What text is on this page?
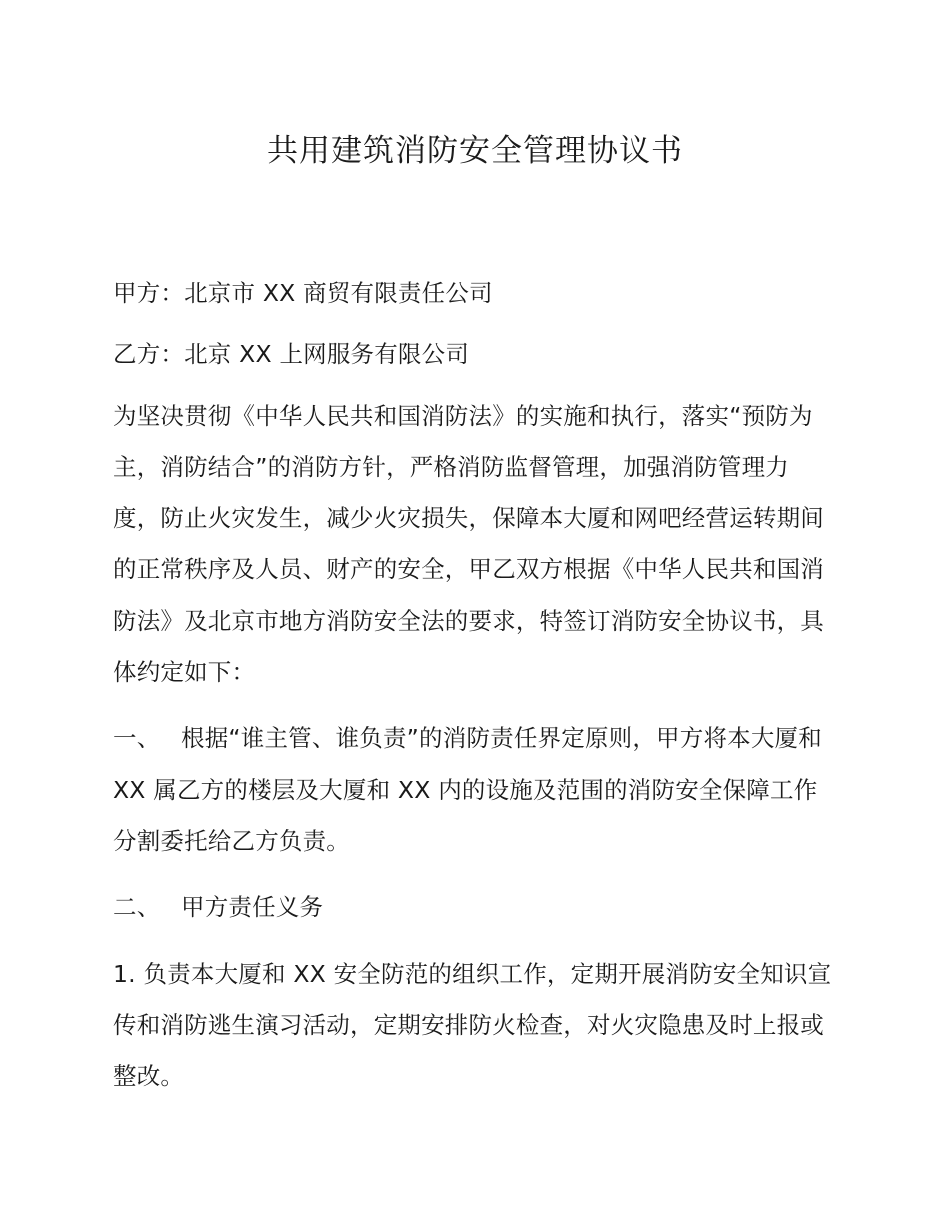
共用建筑消防安全管理协议书

甲方：北京市 XX 商贸有限责任公司

乙方：北京 XX 上网服务有限公司

为坚决贯彻《中华人民共和国消防法》的实施和执行，落实“预防为主，消防结合”的消防方针，严格消防监督管理，加强消防管理力度，防止火灾发生，减少火灾损失，保障本大厦和网吧经营运转期间的正常秩序及人员、财产的安全，甲乙双方根据《中华人民共和国消防法》及北京市地方消防安全法的要求，特签订消防安全协议书，具体约定如下：

一、 根据“谁主管、谁负责”的消防责任界定原则，甲方将本大厦和 XX 属乙方的楼层及大厦和 XX 内的设施及范围的消防安全保障工作分割委托给乙方负责。

二、 甲方责任义务

1. 负责本大厦和 XX 安全防范的组织工作，定期开展消防安全知识宣传和消防逃生演习活动，定期安排防火检查，对火灾隐患及时上报或整改。
